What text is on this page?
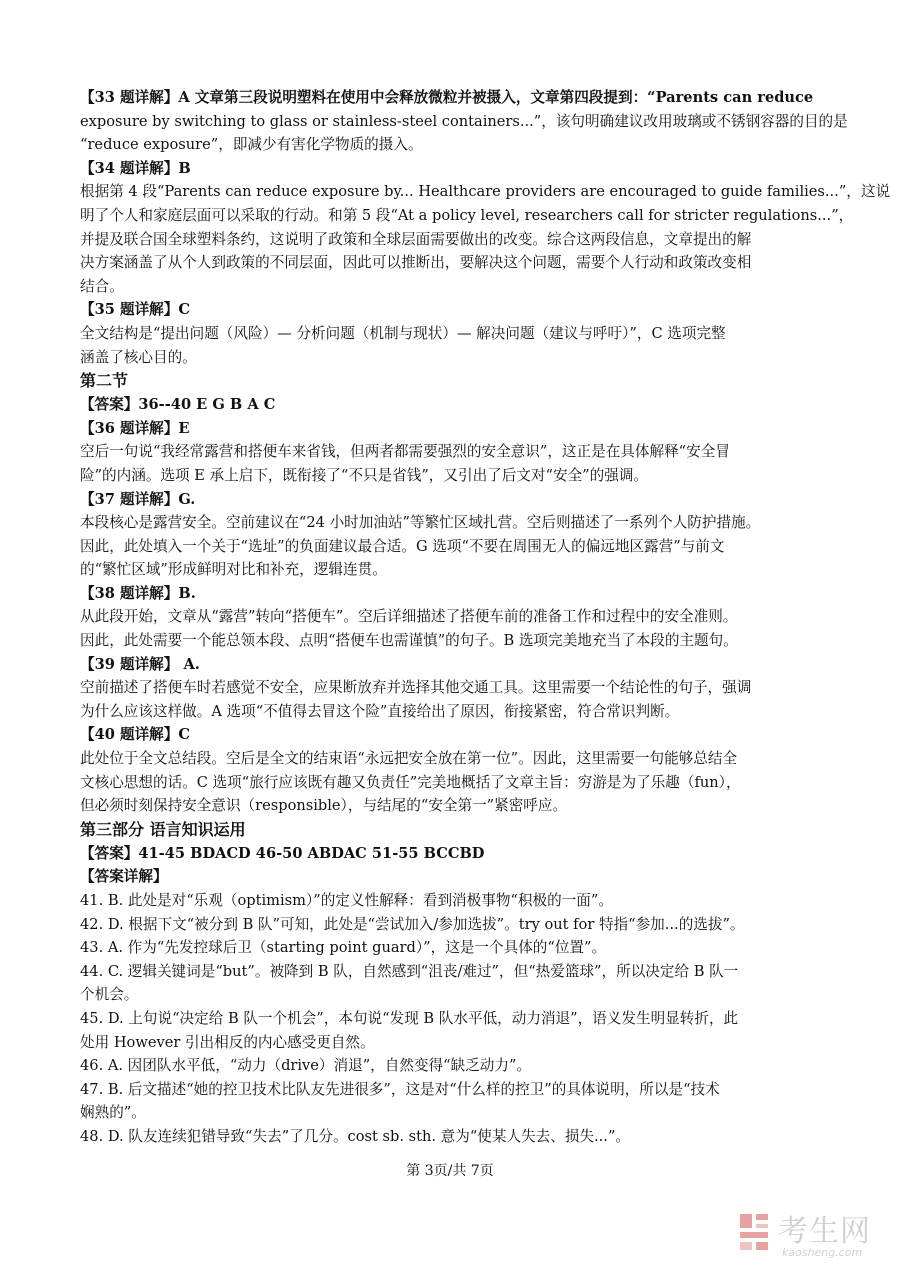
【33 题详解】A 文章第三段说明塑料在使用中会释放微粒并被摄入，文章第四段提到：“Parents can reduce
exposure by switching to glass or stainless-steel containers...”，该句明确建议改用玻璃或不锈钢容器的目的是
“reduce exposure”，即减少有害化学物质的摄入。
【34 题详解】B
根据第 4 段“Parents can reduce exposure by... Healthcare providers are encouraged to guide families...”，这说
明了个人和家庭层面可以采取的行动。和第 5 段“At a policy level, researchers call for stricter regulations...”，
并提及联合国全球塑料条约，这说明了政策和全球层面需要做出的改变。综合这两段信息，文章提出的解
决方案涵盖了从个人到政策的不同层面，因此可以推断出，要解决这个问题，需要个人行动和政策改变相
结合。
【35 题详解】C
全文结构是“提出问题（风险）— 分析问题（机制与现状）— 解决问题（建议与呼吁）”，C 选项完整
涵盖了核心目的。
第二节
【答案】36--40 E G B A C
【36 题详解】E
空后一句说“我经常露营和搭便车来省钱，但两者都需要强烈的安全意识”，这正是在具体解释“安全冒
险”的内涵。选项 E 承上启下，既衔接了“不只是省钱”，又引出了后文对“安全”的强调。
【37 题详解】G.
本段核心是露营安全。空前建议在“24 小时加油站”等繁忙区域扎营。空后则描述了一系列个人防护措施。
因此，此处填入一个关于“选址”的负面建议最合适。G 选项“不要在周围无人的偏远地区露营”与前文
的“繁忙区域”形成鲜明对比和补充，逻辑连贯。
【38 题详解】B.
从此段开始，文章从“露营”转向“搭便车”。空后详细描述了搭便车前的准备工作和过程中的安全准则。
因此，此处需要一个能总领本段、点明“搭便车也需谨慎”的句子。B 选项完美地充当了本段的主题句。
【39 题详解】 A.
空前描述了搭便车时若感觉不安全，应果断放弃并选择其他交通工具。这里需要一个结论性的句子，强调
为什么应该这样做。A 选项“不值得去冒这个险”直接给出了原因，衔接紧密，符合常识判断。
【40 题详解】C
此处位于全文总结段。空后是全文的结束语“永远把安全放在第一位”。因此，这里需要一句能够总结全
文核心思想的话。C 选项“旅行应该既有趣又负责任”完美地概括了文章主旨：穷游是为了乐趣（fun），
但必须时刻保持安全意识（responsible），与结尾的“安全第一”紧密呼应。
第三部分 语言知识运用
【答案】41-45 BDACD 46-50 ABDAC 51-55 BCCBD
【答案详解】
41. B. 此处是对“乐观（optimism）”的定义性解释：看到消极事物“积极的一面”。
42. D. 根据下文“被分到 B 队”可知，此处是“尝试加入/参加选拔”。try out for 特指“参加...的选拔”。
43. A. 作为“先发控球后卫（starting point guard）”，这是一个具体的“位置”。
44. C. 逻辑关键词是“but”。被降到 B 队，自然感到“沮丧/难过”，但“热爱篮球”，所以决定给 B 队一
个机会。
45. D. 上句说“决定给 B 队一个机会”，本句说“发现 B 队水平低，动力消退”，语义发生明显转折，此
处用 However 引出相反的内心感受更自然。
46. A. 因团队水平低，“动力（drive）消退”，自然变得“缺乏动力”。
47. B. 后文描述“她的控卫技术比队友先进很多”，这是对“什么样的控卫”的具体说明，所以是“技术
娴熟的”。
48. D. 队友连续犯错导致“失去”了几分。cost sb. sth. 意为“使某人失去、损失...”。
第 3页/共 7页
考生网
kaosheng.com
